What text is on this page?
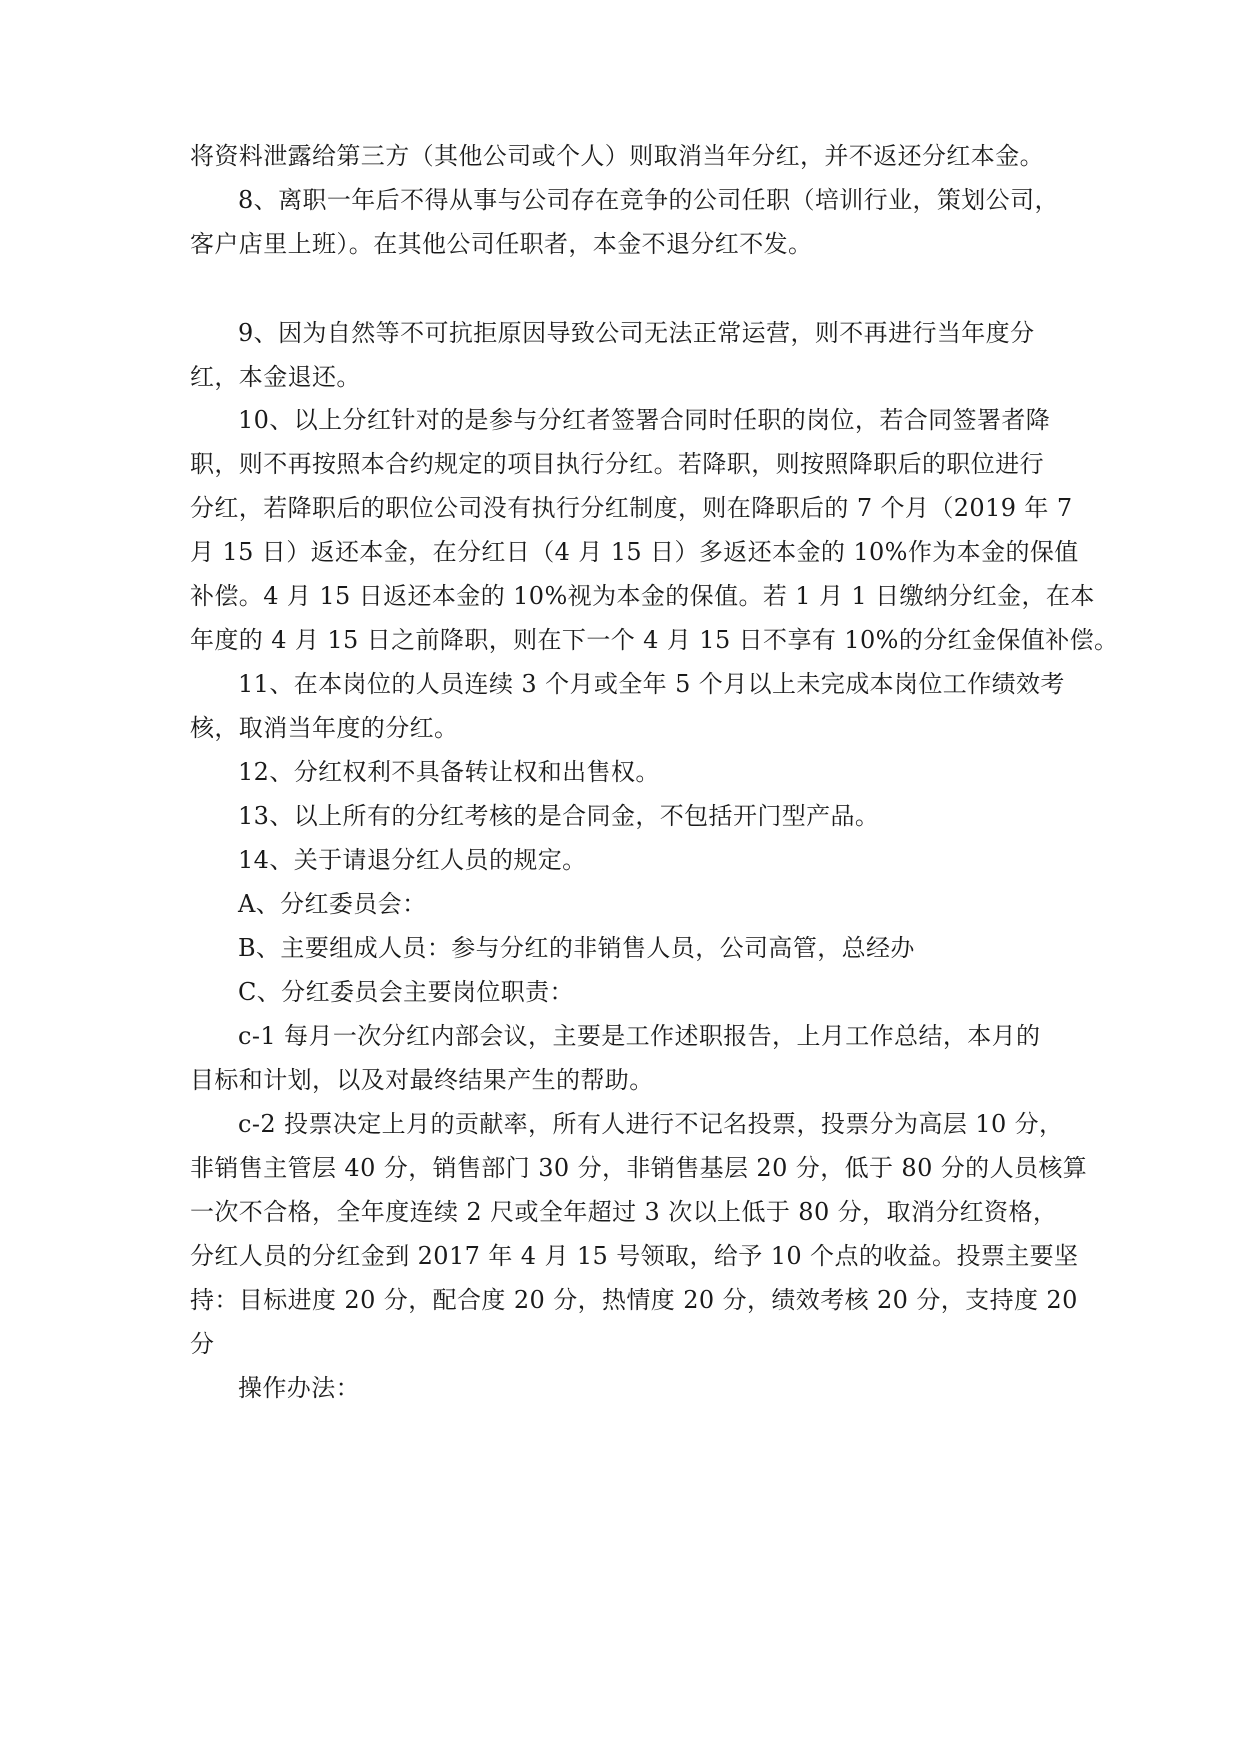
将资料泄露给第三方（其他公司或个人）则取消当年分红，并不返还分红本金。
8、离职一年后不得从事与公司存在竞争的公司任职（培训行业，策划公司，
客户店里上班）。在其他公司任职者，本金不退分红不发。
9、因为自然等不可抗拒原因导致公司无法正常运营，则不再进行当年度分
红，本金退还。
10、以上分红针对的是参与分红者签署合同时任职的岗位，若合同签署者降
职，则不再按照本合约规定的项目执行分红。若降职，则按照降职后的职位进行
分红，若降职后的职位公司没有执行分红制度，则在降职后的 7 个月（2019 年 7
月 15 日）返还本金，在分红日（4 月 15 日）多返还本金的 10%作为本金的保值
补偿。4 月 15 日返还本金的 10%视为本金的保值。若 1 月 1 日缴纳分红金，在本
年度的 4 月 15 日之前降职，则在下一个 4 月 15 日不享有 10%的分红金保值补偿。
11、在本岗位的人员连续 3 个月或全年 5 个月以上未完成本岗位工作绩效考
核，取消当年度的分红。
12、分红权利不具备转让权和出售权。
13、以上所有的分红考核的是合同金，不包括开门型产品。
14、关于请退分红人员的规定。
A、分红委员会：
B、主要组成人员：参与分红的非销售人员，公司高管，总经办
C、分红委员会主要岗位职责：
c-1 每月一次分红内部会议，主要是工作述职报告，上月工作总结，本月的
目标和计划，以及对最终结果产生的帮助。
c-2 投票决定上月的贡献率，所有人进行不记名投票，投票分为高层 10 分，
非销售主管层 40 分，销售部门 30 分，非销售基层 20 分，低于 80 分的人员核算
一次不合格，全年度连续 2 尺或全年超过 3 次以上低于 80 分，取消分红资格，
分红人员的分红金到 2017 年 4 月 15 号领取，给予 10 个点的收益。投票主要坚
持：目标进度 20 分，配合度 20 分，热情度 20 分，绩效考核 20 分，支持度 20
分
操作办法：
